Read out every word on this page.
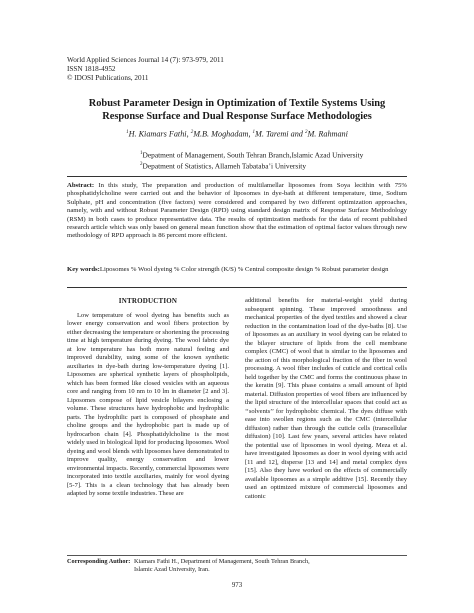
World Applied Sciences Journal 14 (7): 973-979, 2011
ISSN 1818-4952
© IDOSI Publications, 2011
Robust Parameter Design in Optimization of Textile Systems Using
Response Surface and Dual Response Surface Methodologies
$^1$H. Kiamars Fathi, $^2$M.B. Moghadam, $^1$M. Taremi and $^2$M. Rahmani
$^1$Depatment of Management, South Tehran Branch,Islamic Azad University
$^2$Depatment of Statistics, Allameh Tabataba’i University
Abstract: In this study, The preparation and production of multilamellar liposomes from Soya lecithin with 75% phosphatidylcholine were carried out and the behavior of liposomes in dye-bath at different temperature, time, Sodium Sulphate, pH and concentration (five factors) were considered and compared by two different optimization approaches, namely, with and without Robust Parameter Design (RPD) using standard design matrix of Response Surface Methodology (RSM) in both cases to produce representative data. The results of optimization methods for the data of recent published research article which was only based on general mean function show that the estimation of optimal factor values through new methodology of RPD approach is 86 percent more efficient.
Key words: Liposomes % Wool dyeing % Color strength (K/S) % Central composite design % Robust parameter design
INTRODUCTION

Low temperature of wool dyeing has benefits such as lower energy conservation and wool fibers protection by either decreasing the temperature or shortening the processing time at high temperature during dyeing. The wool fabric dye at low temperature has both more natural feeling and improved durability, using some of the known synthetic auxiliaries in dye-bath during low-temperature dyeing [1]. Liposomes are spherical synthetic layers of phospholipids, which has been formed like closed vesicles with an aqueous core and ranging from 10 nm to 10 lm in diameter [2 and 3]. Liposomes compose of lipid vesicle bilayers enclosing a volume. These structures have hydrophobic and hydrophilic parts. The hydrophilic part is composed of phosphate and choline groups and the hydrophobic part is made up of hydrocarbon chain [4]. Phosphatidylcholine is the most widely used in biological lipid for producing liposomes. Wool dyeing and wool blends with liposomes have demonstrated to improve quality, energy conservation and lower environmental impacts. Recently, commercial liposomes were incorporated into textile auxiliaries, mainly for wool dyeing [5-7]. This is a clean technology that has already been adapted by some textile industries. These are

additional benefits for material-weight yield during subsequent spinning. These improved smoothness and mechanical properties of the dyed textiles and showed a clear reduction in the contamination load of the dye-baths [8]. Use of liposomes as an auxiliary in wool dyeing can be related to the bilayer structure of lipids from the cell membrane complex (CMC) of wool that is similar to the liposomes and the action of this morphological fraction of the fiber in wool processing. A wool fiber includes of cuticle and cortical cells held together by the CMC and forms the continuous phase in the keratin [9]. This phase contains a small amount of lipid material. Diffusion properties of wool fibers are influenced by the lipid structure of the intercellular spaces that could act as ‘‘solvents’’ for hydrophobic chemical. The dyes diffuse with ease into swollen regions such as the CMC (intercellular diffusion) rather than through the cuticle cells (transcellular diffusion) [10]. Last few years, several articles have related the potential use of liposomes in wool dyeing. Meza et al. have investigated liposomes as doer in wool dyeing with acid [11 and 12], disperse [13 and 14] and metal complex dyes [15]. Also they have worked on the effects of commercially available liposomes as a simple additive [15]. Recently they used an optimized mixture of commercial liposomes and cationic

Corresponding Author: Kiamars Fathi H., Department of Management, South Tehran Branch,
Islamic Azad University, Iran.
973
